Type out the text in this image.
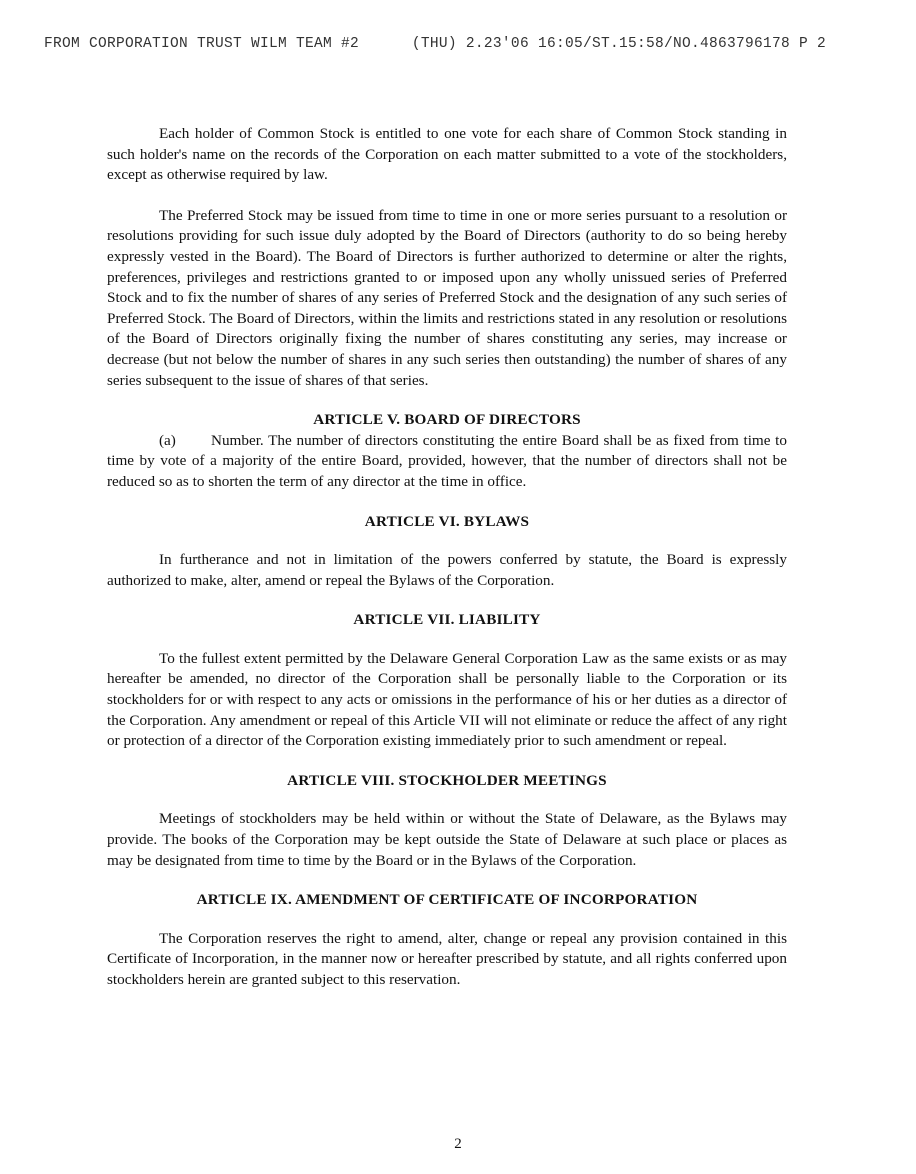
FROM CORPORATION TRUST WILM TEAM #2	(THU) 2.23'06 16:05/ST.15:58/NO.4863796178 P 2

Each holder of Common Stock is entitled to one vote for each share of Common Stock standing in such holder's name on the records of the Corporation on each matter submitted to a vote of the stockholders, except as otherwise required by law.

The Preferred Stock may be issued from time to time in one or more series pursuant to a resolution or resolutions providing for such issue duly adopted by the Board of Directors (authority to do so being hereby expressly vested in the Board). The Board of Directors is further authorized to determine or alter the rights, preferences, privileges and restrictions granted to or imposed upon any wholly unissued series of Preferred Stock and to fix the number of shares of any series of Preferred Stock and the designation of any such series of Preferred Stock. The Board of Directors, within the limits and restrictions stated in any resolution or resolutions of the Board of Directors originally fixing the number of shares constituting any series, may increase or decrease (but not below the number of shares in any such series then outstanding) the number of shares of any series subsequent to the issue of shares of that series.

ARTICLE V. BOARD OF DIRECTORS

(a) Number. The number of directors constituting the entire Board shall be as fixed from time to time by vote of a majority of the entire Board, provided, however, that the number of directors shall not be reduced so as to shorten the term of any director at the time in office.

ARTICLE VI. BYLAWS

In furtherance and not in limitation of the powers conferred by statute, the Board is expressly authorized to make, alter, amend or repeal the Bylaws of the Corporation.

ARTICLE VII. LIABILITY

To the fullest extent permitted by the Delaware General Corporation Law as the same exists or as may hereafter be amended, no director of the Corporation shall be personally liable to the Corporation or its stockholders for or with respect to any acts or omissions in the performance of his or her duties as a director of the Corporation. Any amendment or repeal of this Article VII will not eliminate or reduce the affect of any right or protection of a director of the Corporation existing immediately prior to such amendment or repeal.

ARTICLE VIII. STOCKHOLDER MEETINGS

Meetings of stockholders may be held within or without the State of Delaware, as the Bylaws may provide. The books of the Corporation may be kept outside the State of Delaware at such place or places as may be designated from time to time by the Board or in the Bylaws of the Corporation.

ARTICLE IX. AMENDMENT OF CERTIFICATE OF INCORPORATION

The Corporation reserves the right to amend, alter, change or repeal any provision contained in this Certificate of Incorporation, in the manner now or hereafter prescribed by statute, and all rights conferred upon stockholders herein are granted subject to this reservation.

2
